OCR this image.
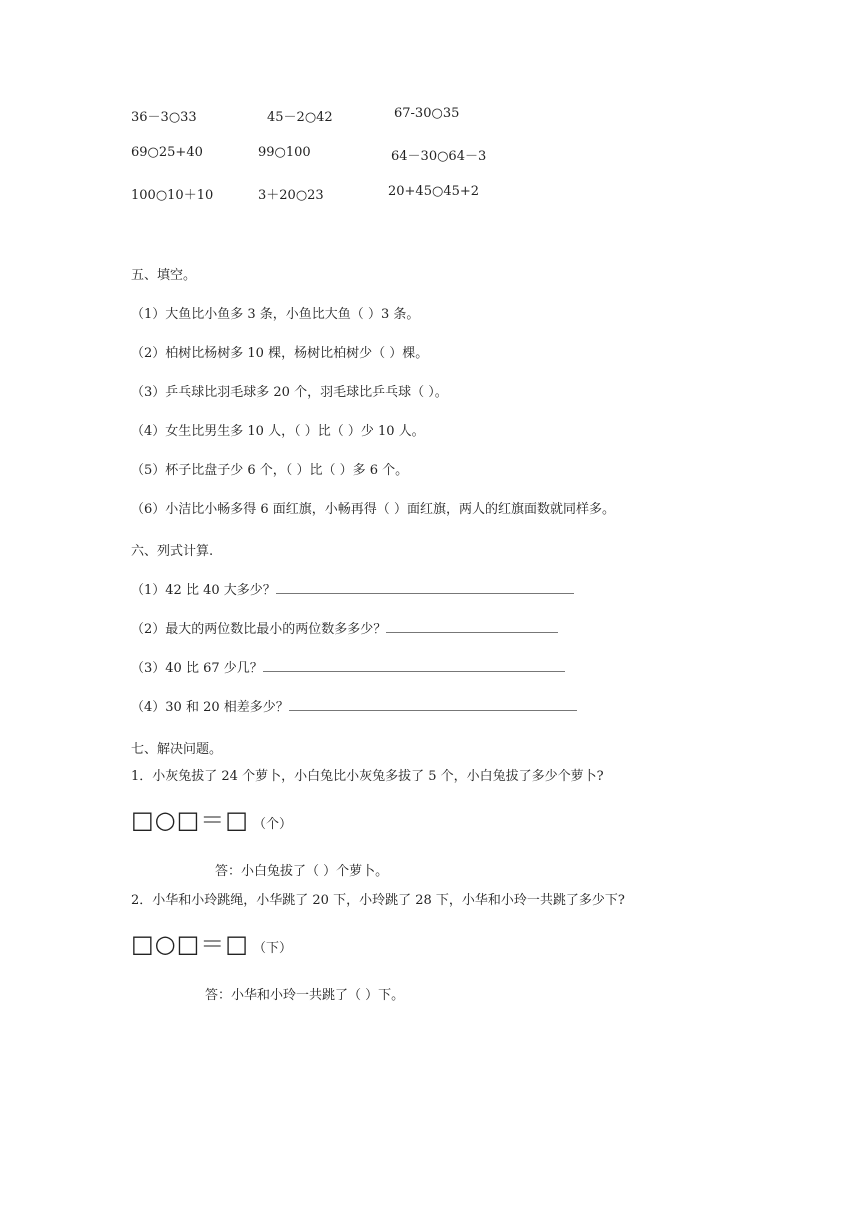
36－3○33	45－2○42	67-30○35
69○25+40	99○100	64－30○64－3
100○10＋10	3＋20○23	20+45○45+2
五、填空。
（1）大鱼比小鱼多 3 条，小鱼比大鱼（ ）3 条。
（2）柏树比杨树多 10 棵，杨树比柏树少（ ）棵。
（3）乒乓球比羽毛球多 20 个，羽毛球比乒乓球（ ）。
（4）女生比男生多 10 人，（ ）比（ ）少 10 人。
（5）杯子比盘子少 6 个，（ ）比（ ）多 6 个。
（6）小洁比小畅多得 6 面红旗，小畅再得（ ）面红旗，两人的红旗面数就同样多。
六、列式计算.
（1）42 比 40 大多少？
（2）最大的两位数比最小的两位数多多少？
（3）40 比 67 少几？
（4）30 和 20 相差多少？
七、解决问题。
1．小灰兔拔了 24 个萝卜，小白兔比小灰兔多拔了 5 个，小白兔拔了多少个萝卜?
□○□＝□ （个）
答：小白兔拔了（ ）个萝卜。
2．小华和小玲跳绳，小华跳了 20 下，小玲跳了 28 下，小华和小玲一共跳了多少下?
□○□＝□ （下）
答：小华和小玲一共跳了（ ）下。
